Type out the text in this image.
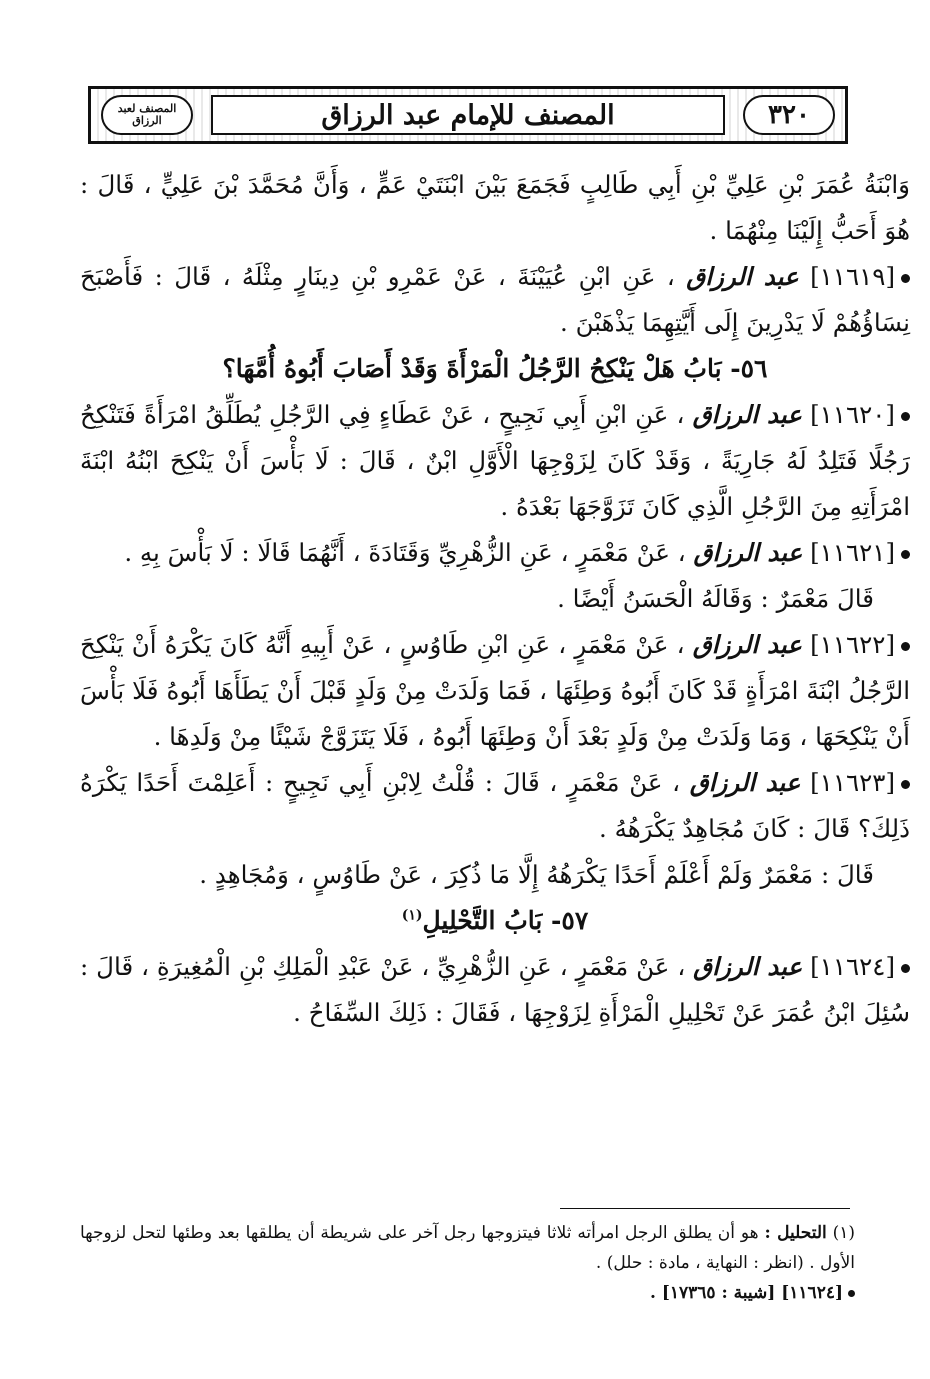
٣٢٠
المصنف للإمام عبد الرزاق
المصنف لعبد الرزاق

وَابْنَةُ عُمَرَ بْنِ عَلِيِّ بْنِ أَبِي طَالِبٍ فَجَمَعَ بَيْنَ ابْنَتَيْ عَمٍّ ، وَأَنَّ مُحَمَّدَ بْنَ عَلِيٍّ ، قَالَ : هُوَ أَحَبُّ إِلَيْنَا مِنْهُمَا .

[١١٦١٩] عبد الرزاق ، عَنِ ابْنِ عُيَيْنَةَ ، عَنْ عَمْرِو بْنِ دِينَارٍ مِثْلَهُ ، قَالَ : فَأَصْبَحَ نِسَاؤُهُمْ لَا يَدْرِينَ إِلَى أَيَّتِهِمَا يَذْهَبْنَ .

٥٦- بَابُ هَلْ يَنْكِحُ الرَّجُلُ الْمَرْأَةَ وَقَدْ أَصَابَ أَبُوهُ أُمَّهَا؟

[١١٦٢٠] عبد الرزاق ، عَنِ ابْنِ أَبِي نَجِيحٍ ، عَنْ عَطَاءٍ فِي الرَّجُلِ يُطَلِّقُ امْرَأَةً فَتَنْكِحُ رَجُلًا فَتَلِدُ لَهُ جَارِيَةً ، وَقَدْ كَانَ لِزَوْجِهَا الْأَوَّلِ ابْنٌ ، قَالَ : لَا بَأْسَ أَنْ يَنْكِحَ ابْنُهُ ابْنَةَ امْرَأَتِهِ مِنَ الرَّجُلِ الَّذِي كَانَ تَزَوَّجَهَا بَعْدَهُ .

[١١٦٢١] عبد الرزاق ، عَنْ مَعْمَرٍ ، عَنِ الزُّهْرِيِّ وَقَتَادَةَ ، أَنَّهُمَا قَالَا : لَا بَأْسَ بِهِ .

قَالَ مَعْمَرٌ : وَقَالَهُ الْحَسَنُ أَيْضًا .

[١١٦٢٢] عبد الرزاق ، عَنْ مَعْمَرٍ ، عَنِ ابْنِ طَاوُسٍ ، عَنْ أَبِيهِ أَنَّهُ كَانَ يَكْرَهُ أَنْ يَنْكِحَ الرَّجُلُ ابْنَةَ امْرَأَةٍ قَدْ كَانَ أَبُوهُ وَطِئَهَا ، فَمَا وَلَدَتْ مِنْ وَلَدٍ قَبْلَ أَنْ يَطَأَهَا أَبُوهُ فَلَا بَأْسَ أَنْ يَنْكِحَهَا ، وَمَا وَلَدَتْ مِنْ وَلَدٍ بَعْدَ أَنْ وَطِئَهَا أَبُوهُ ، فَلَا يَتَزَوَّجْ شَيْئًا مِنْ وَلَدِهَا .

[١١٦٢٣] عبد الرزاق ، عَنْ مَعْمَرٍ ، قَالَ : قُلْتُ لِابْنِ أَبِي نَجِيحٍ : أَعَلِمْتَ أَحَدًا يَكْرَهُ ذَلِكَ؟ قَالَ : كَانَ مُجَاهِدٌ يَكْرَهُهُ .

قَالَ : مَعْمَرٌ وَلَمْ أَعْلَمْ أَحَدًا يَكْرَهُهُ إِلَّا مَا ذُكِرَ ، عَنْ طَاوُسٍ ، وَمُجَاهِدٍ .

٥٧- بَابُ التَّحْلِيلِ$^{(١)}$

[١١٦٢٤] عبد الرزاق ، عَنْ مَعْمَرٍ ، عَنِ الزُّهْرِيِّ ، عَنْ عَبْدِ الْمَلِكِ بْنِ الْمُغِيرَةِ ، قَالَ : سُئِلَ ابْنُ عُمَرَ عَنْ تَحْلِيلِ الْمَرْأَةِ لِزَوْجِهَا ، فَقَالَ : ذَلِكَ السِّفَاحُ .

(١) التحليل : هو أن يطلق الرجل امرأته ثلاثا فيتزوجها رجل آخر على شريطة أن يطلقها بعد وطئها لتحل لزوجها الأول . (انظر : النهاية ، مادة : حلل) .

[١١٦٢٤] [شيبة : ١٧٣٦٥] .
